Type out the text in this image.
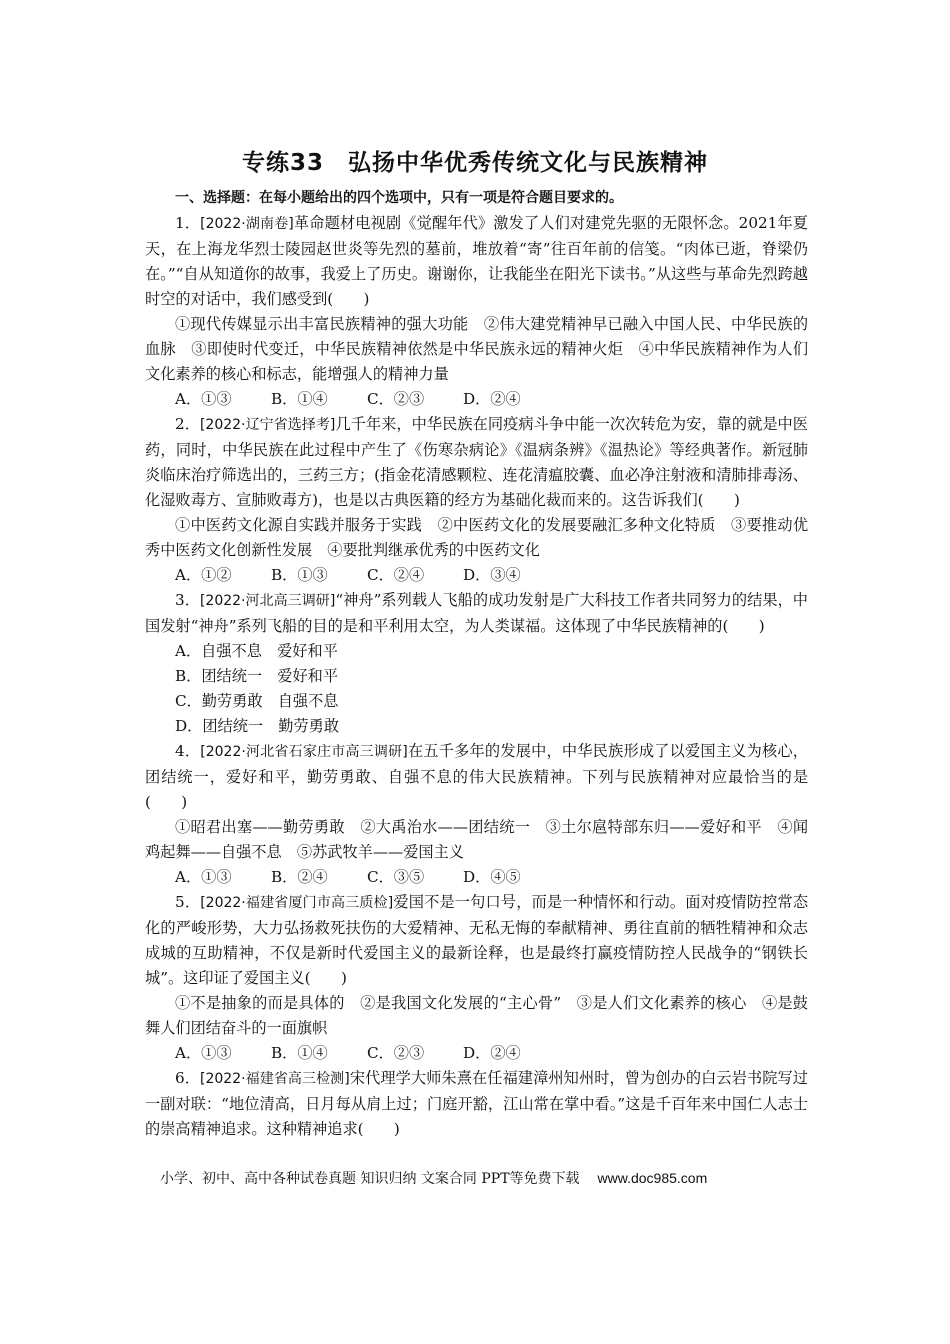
专练33　弘扬中华优秀传统文化与民族精神

一、选择题：在每小题给出的四个选项中，只有一项是符合题目要求的。

1．[2022·湖南卷]革命题材电视剧《觉醒年代》激发了人们对建党先驱的无限怀念。2021年夏天，在上海龙华烈士陵园赵世炎等先烈的墓前，堆放着“寄”往百年前的信笺。“肉体已逝，脊梁仍在。”“自从知道你的故事，我爱上了历史。谢谢你，让我能坐在阳光下读书。”从这些与革命先烈跨越时空的对话中，我们感受到(　　)

①现代传媒显示出丰富民族精神的强大功能　②伟大建党精神早已融入中国人民、中华民族的血脉　③即使时代变迁，中华民族精神依然是中华民族永远的精神火炬　④中华民族精神作为人们文化素养的核心和标志，能增强人的精神力量

A．①③	B．①④	C．②③	D．②④

2．[2022·辽宁省选择考]几千年来，中华民族在同疫病斗争中能一次次转危为安，靠的就是中医药，同时，中华民族在此过程中产生了《伤寒杂病论》《温病条辨》《温热论》等经典著作。新冠肺炎临床治疗筛选出的，三药三方；(指金花清感颗粒、连花清瘟胶囊、血必净注射液和清肺排毒汤、化湿败毒方、宣肺败毒方)，也是以古典医籍的经方为基础化裁而来的。这告诉我们(　　)

①中医药文化源自实践并服务于实践　②中医药文化的发展要融汇多种文化特质　③要推动优秀中医药文化创新性发展　④要批判继承优秀的中医药文化

A．①②	B．①③	C．②④	D．③④

3．[2022·河北高三调研]“神舟”系列载人飞船的成功发射是广大科技工作者共同努力的结果，中国发射“神舟”系列飞船的目的是和平利用太空，为人类谋福。这体现了中华民族精神的(　　)

A．自强不息　爱好和平

B．团结统一　爱好和平

C．勤劳勇敢　自强不息

D．团结统一　勤劳勇敢

4．[2022·河北省石家庄市高三调研]在五千多年的发展中，中华民族形成了以爱国主义为核心，团结统一，爱好和平，勤劳勇敢、自强不息的伟大民族精神。下列与民族精神对应最恰当的是(　　)

①昭君出塞——勤劳勇敢　②大禹治水——团结统一　③土尔扈特部东归——爱好和平　④闻鸡起舞——自强不息　⑤苏武牧羊——爱国主义

A．①③	B．②④	C．③⑤	D．④⑤

5．[2022·福建省厦门市高三质检]爱国不是一句口号，而是一种情怀和行动。面对疫情防控常态化的严峻形势，大力弘扬救死扶伤的大爱精神、无私无悔的奉献精神、勇往直前的牺牲精神和众志成城的互助精神，不仅是新时代爱国主义的最新诠释，也是最终打赢疫情防控人民战争的“钢铁长城”。这印证了爱国主义(　　)

①不是抽象的而是具体的　②是我国文化发展的“主心骨”　③是人们文化素养的核心　④是鼓舞人们团结奋斗的一面旗帜

A．①③	B．①④	C．②③	D．②④

6．[2022·福建省高三检测]宋代理学大师朱熹在任福建漳州知州时，曾为创办的白云岩书院写过一副对联：“地位清高，日月每从肩上过；门庭开豁，江山常在掌中看。”这是千百年来中国仁人志士的崇高精神追求。这种精神追求(　　)

小学、初中、高中各种试卷真题 知识归纳 文案合同 PPT等免费下载 www.doc985.com
